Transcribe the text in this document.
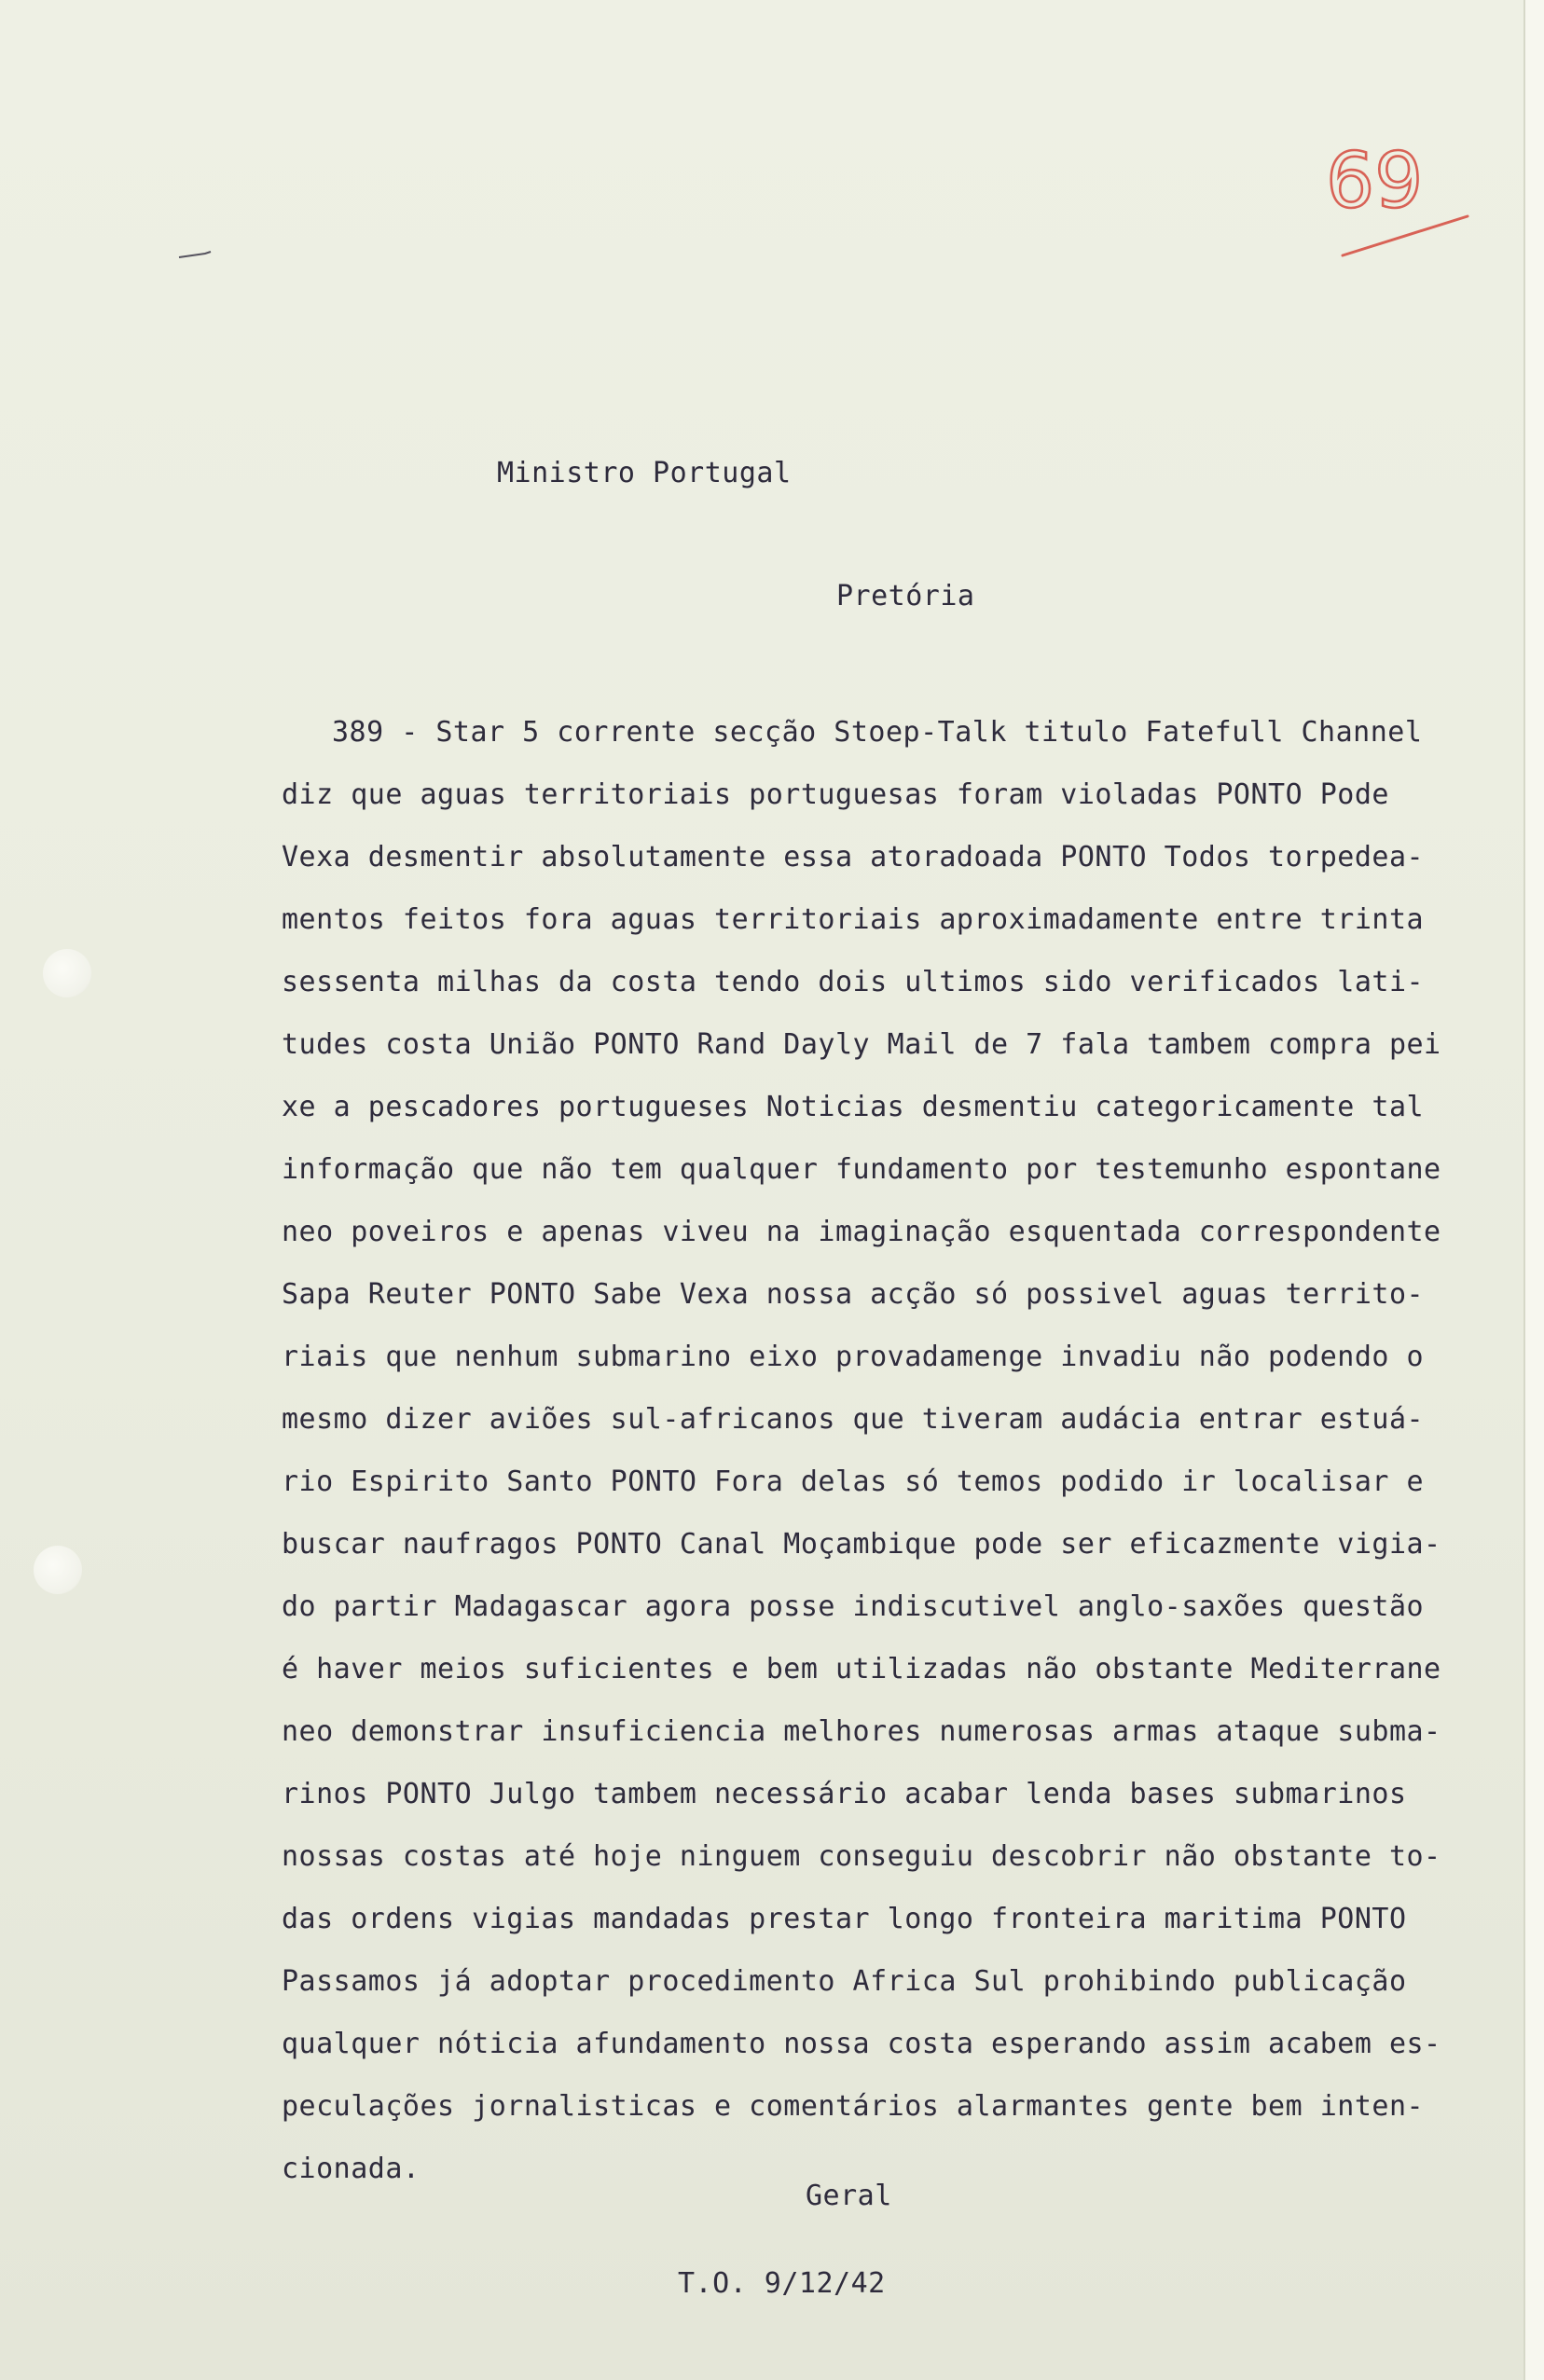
69

Ministro Portugal

Pretória

389 - Star 5 corrente secção Stoep-Talk titulo Fatefull Channel
diz que aguas territoriais portuguesas foram violadas PONTO Pode
Vexa desmentir absolutamente essa atoradoada PONTO Todos torpedea-
mentos feitos fora aguas territoriais aproximadamente entre trinta
sessenta milhas da costa tendo dois ultimos sido verificados lati-
tudes costa União PONTO Rand Dayly Mail de 7 fala tambem compra pei
xe a pescadores portugueses Noticias desmentiu categoricamente tal
informação que não tem qualquer fundamento por testemunho espontane
neo poveiros e apenas viveu na imaginação esquentada correspondente
Sapa Reuter PONTO Sabe Vexa nossa acção só possivel aguas territo-
riais que nenhum submarino eixo provadamenge invadiu não podendo o
mesmo dizer aviões sul-africanos que tiveram audácia entrar estuá-
rio Espirito Santo PONTO Fora delas só temos podido ir localisar e
buscar naufragos PONTO Canal Moçambique pode ser eficazmente vigia-
do partir Madagascar agora posse indiscutivel anglo-saxões questão
é haver meios suficientes e bem utilizadas não obstante Mediterrane
neo demonstrar insuficiencia melhores numerosas armas ataque subma-
rinos PONTO Julgo tambem necessário acabar lenda bases submarinos
nossas costas até hoje ninguem conseguiu descobrir não obstante to-
das ordens vigias mandadas prestar longo fronteira maritima PONTO
Passamos já adoptar procedimento Africa Sul prohibindo publicação
qualquer nóticia afundamento nossa costa esperando assim acabem es-
peculações jornalisticas e comentários alarmantes gente bem inten-
cionada.

Geral

T.O. 9/12/42
